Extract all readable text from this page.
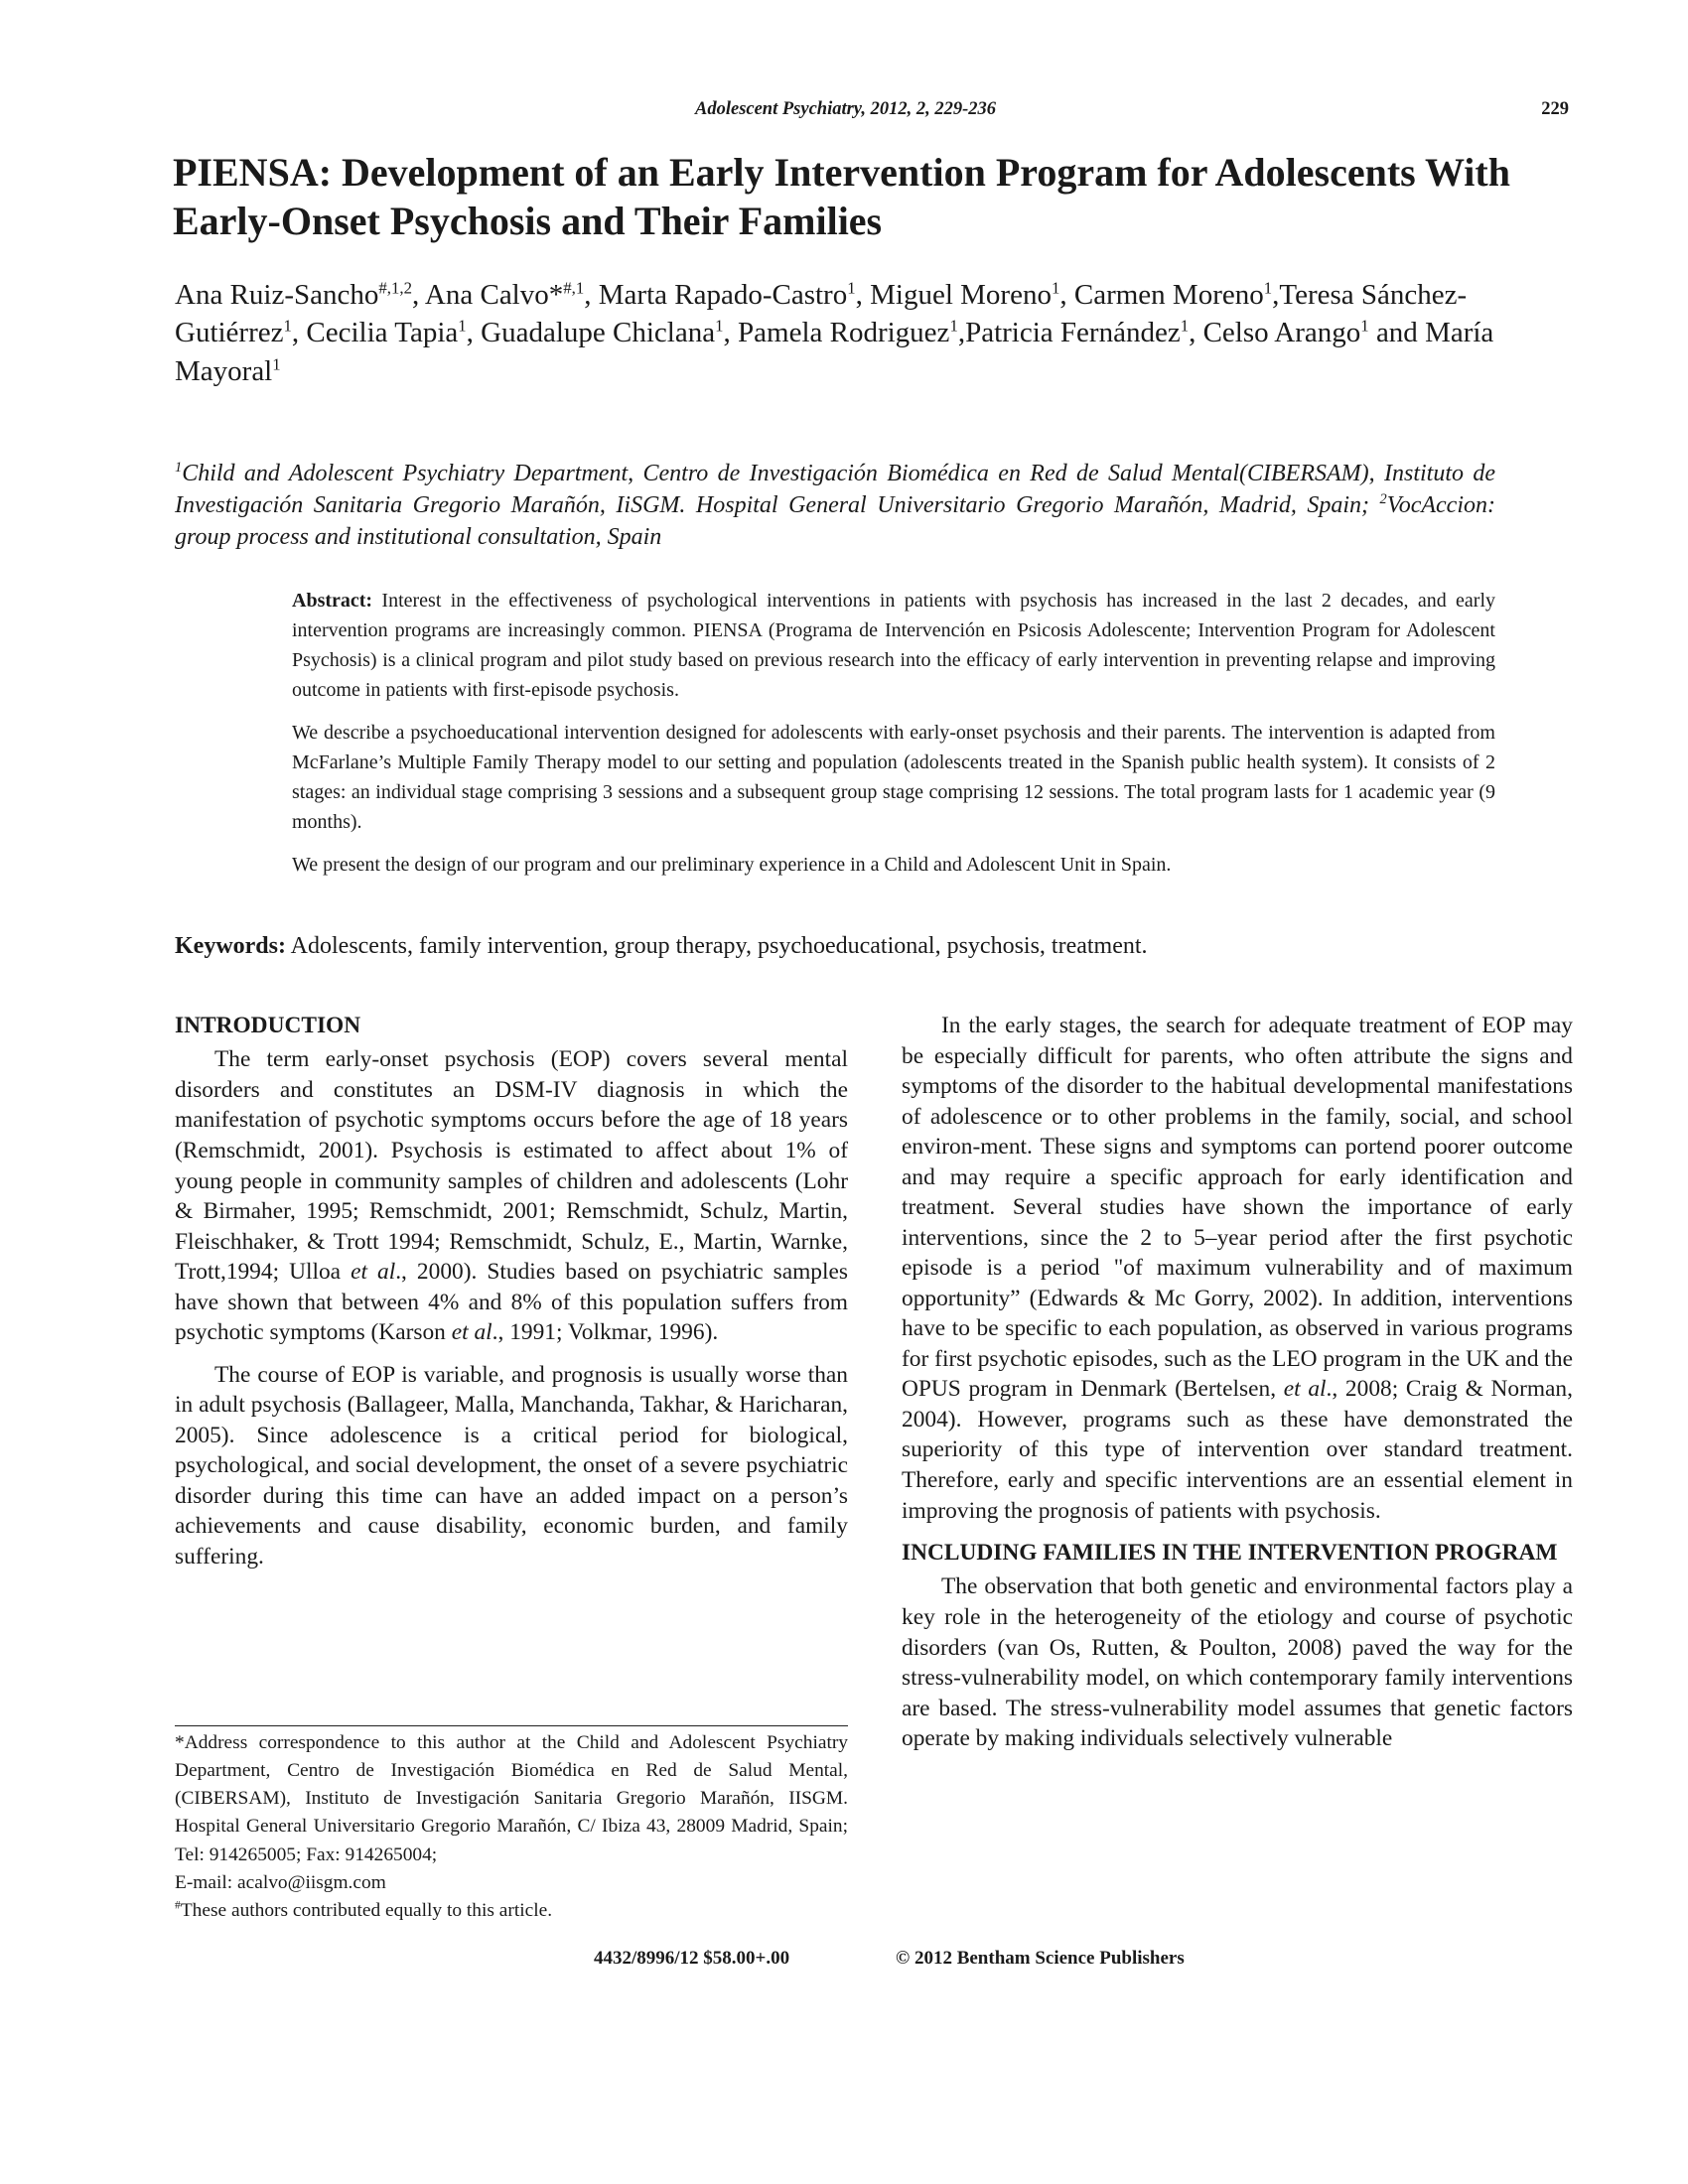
Adolescent Psychiatry, 2012, 2, 229-236	229
PIENSA: Development of an Early Intervention Program for Adolescents With Early-Onset Psychosis and Their Families
Ana Ruiz-Sancho$^{\#,1,2}$, Ana Calvo*$^{\#,1}$, Marta Rapado-Castro$^1$, Miguel Moreno$^1$, Carmen Moreno$^1$,Teresa Sánchez-Gutiérrez$^1$, Cecilia Tapia$^1$, Guadalupe Chiclana$^1$, Pamela Rodriguez$^1$,Patricia Fernández$^1$, Celso Arango$^1$ and María Mayoral$^1$
$^1$Child and Adolescent Psychiatry Department, Centro de Investigación Biomédica en Red de Salud Mental(CIBERSAM), Instituto de Investigación Sanitaria Gregorio Marañón, IiSGM. Hospital General Universitario Gregorio Marañón, Madrid, Spain; $^2$VocAccion: group process and institutional consultation, Spain

Abstract: Interest in the effectiveness of psychological interventions in patients with psychosis has increased in the last 2 decades, and early intervention programs are increasingly common. PIENSA (Programa de Intervención en Psicosis Adolescente; Intervention Program for Adolescent Psychosis) is a clinical program and pilot study based on previous research into the efficacy of early intervention in preventing relapse and improving outcome in patients with first-episode psychosis.

We describe a psychoeducational intervention designed for adolescents with early-onset psychosis and their parents. The intervention is adapted from McFarlane’s Multiple Family Therapy model to our setting and population (adolescents treated in the Spanish public health system). It consists of 2 stages: an individual stage comprising 3 sessions and a subsequent group stage comprising 12 sessions. The total program lasts for 1 academic year (9 months).

We present the design of our program and our preliminary experience in a Child and Adolescent Unit in Spain.

Keywords: Adolescents, family intervention, group therapy, psychoeducational, psychosis, treatment.
INTRODUCTION

The term early-onset psychosis (EOP) covers several mental disorders and constitutes an DSM-IV diagnosis in which the manifestation of psychotic symptoms occurs before the age of 18 years (Remschmidt, 2001). Psychosis is estimated to affect about 1% of young people in community samples of children and adolescents (Lohr & Birmaher, 1995; Remschmidt, 2001; Remschmidt, Schulz, Martin, Fleischhaker, & Trott 1994; Remschmidt, Schulz, E., Martin, Warnke, Trott,1994; Ulloa et al., 2000). Studies based on psychiatric samples have shown that between 4% and 8% of this population suffers from psychotic symptoms (Karson et al., 1991; Volkmar, 1996).

The course of EOP is variable, and prognosis is usually worse than in adult psychosis (Ballageer, Malla, Manchanda, Takhar, & Haricharan, 2005). Since adolescence is a critical period for biological, psychological, and social development, the onset of a severe psychiatric disorder during this time can have an added impact on a person’s achievements and cause disability, economic burden, and family suffering.

*Address correspondence to this author at the Child and Adolescent Psychiatry Department, Centro de Investigación Biomédica en Red de Salud Mental, (CIBERSAM), Instituto de Investigación Sanitaria Gregorio Marañón, IISGM. Hospital General Universitario Gregorio Marañón, C/ Ibiza 43, 28009 Madrid, Spain; Tel: 914265005; Fax: 914265004;

E-mail: acalvo@iisgm.com

#These authors contributed equally to this article.

In the early stages, the search for adequate treatment of EOP may be especially difficult for parents, who often attribute the signs and symptoms of the disorder to the habitual developmental manifestations of adolescence or to other problems in the family, social, and school environ-ment. These signs and symptoms can portend poorer outcome and may require a specific approach for early identification and treatment. Several studies have shown the importance of early interventions, since the 2 to 5–year period after the first psychotic episode is a period "of maximum vulnerability and of maximum opportunity” (Edwards & Mc Gorry, 2002). In addition, interventions have to be specific to each population, as observed in various programs for first psychotic episodes, such as the LEO program in the UK and the OPUS program in Denmark (Bertelsen, et al., 2008; Craig & Norman, 2004). However, programs such as these have demonstrated the superiority of this type of intervention over standard treatment. Therefore, early and specific interventions are an essential element in improving the prognosis of patients with psychosis.

INCLUDING FAMILIES IN THE INTERVENTION PROGRAM

The observation that both genetic and environmental factors play a key role in the heterogeneity of the etiology and course of psychotic disorders (van Os, Rutten, & Poulton, 2008) paved the way for the stress-vulnerability model, on which contemporary family interventions are based. The stress-vulnerability model assumes that genetic factors operate by making individuals selectively vulnerable

4432/8996/12 $58.00+.00	© 2012 Bentham Science Publishers
